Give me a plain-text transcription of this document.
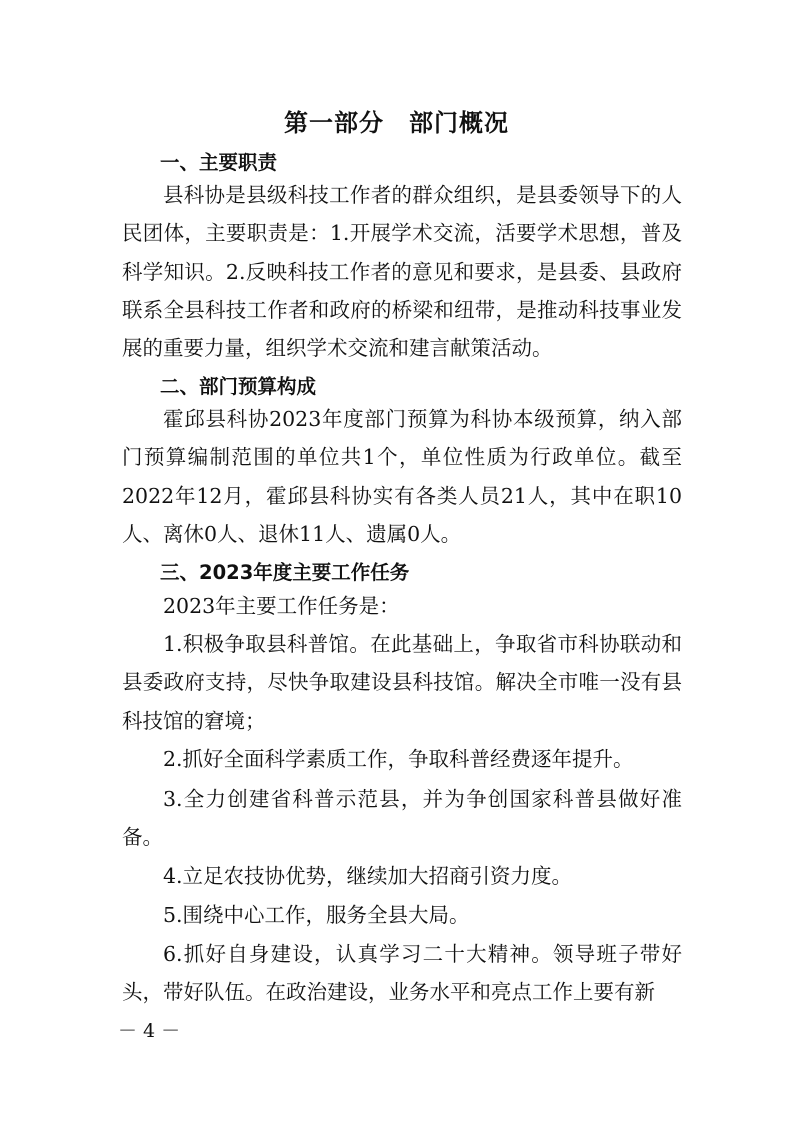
第一部分　部门概况
一、主要职责
县科协是县级科技工作者的群众组织，是县委领导下的人民团体，主要职责是：1.开展学术交流，活要学术思想，普及科学知识。2.反映科技工作者的意见和要求，是县委、县政府联系全县科技工作者和政府的桥梁和纽带，是推动科技事业发展的重要力量，组织学术交流和建言献策活动。
二、部门预算构成
霍邱县科协2023年度部门预算为科协本级预算，纳入部门预算编制范围的单位共1个，单位性质为行政单位。截至2022年12月，霍邱县科协实有各类人员21人，其中在职10人、离休0人、退休11人、遗属0人。
三、2023年度主要工作任务
2023年主要工作任务是：
1.积极争取县科普馆。在此基础上，争取省市科协联动和县委政府支持，尽快争取建设县科技馆。解决全市唯一没有县科技馆的窘境；
2.抓好全面科学素质工作，争取科普经费逐年提升。
3.全力创建省科普示范县，并为争创国家科普县做好准备。
4.立足农技协优势，继续加大招商引资力度。
5.围绕中心工作，服务全县大局。
6.抓好自身建设，认真学习二十大精神。领导班子带好头，带好队伍。在政治建设，业务水平和亮点工作上要有新
－ 4 －
